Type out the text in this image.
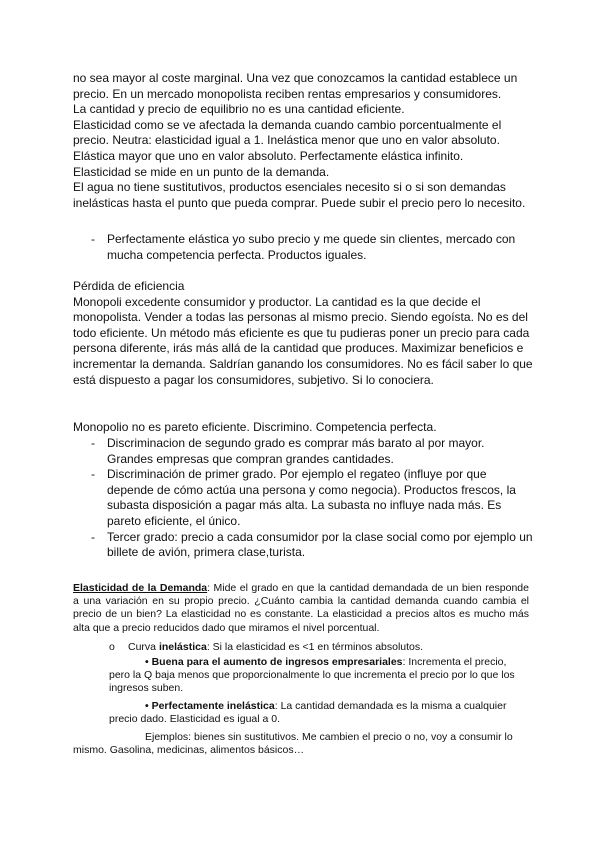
no sea mayor al coste marginal. Una vez que conozcamos la cantidad establece un precio. En un mercado monopolista reciben rentas empresarios y consumidores.
La cantidad y precio de equilibrio no es una cantidad eficiente.
Elasticidad como se ve afectada la demanda cuando cambio porcentualmente el precio. Neutra: elasticidad igual a 1. Inelástica menor que uno en valor absoluto. Elástica mayor que uno en valor absoluto. Perfectamente elástica infinito.
Elasticidad se mide en un punto de la demanda.
El agua no tiene sustitutivos, productos esenciales necesito si o si son demandas inelásticas hasta el punto que pueda comprar. Puede subir el precio pero lo necesito.
- Perfectamente elástica yo subo precio y me quede sin clientes, mercado con mucha competencia perfecta. Productos iguales.
Pérdida de eficiencia
Monopoli excedente consumidor y productor. La cantidad es la que decide el monopolista. Vender a todas las personas al mismo precio. Siendo egoísta. No es del todo eficiente. Un método más eficiente es que tu pudieras poner un precio para cada persona diferente, irás más allá de la cantidad que produces. Maximizar beneficios e incrementar la demanda. Saldrían ganando los consumidores. No es fácil saber lo que está dispuesto a pagar los consumidores, subjetivo. Si lo conociera.
Monopolio no es pareto eficiente. Discrimino. Competencia perfecta.
- Discriminacion de segundo grado es comprar más barato al por mayor. Grandes empresas que compran grandes cantidades.
- Discriminación de primer grado. Por ejemplo el regateo (influye por que depende de cómo actúa una persona y como negocia). Productos frescos, la subasta disposición a pagar más alta. La subasta no influye nada más. Es pareto eficiente, el único.
- Tercer grado: precio a cada consumidor por la clase social como por ejemplo un billete de avión, primera clase,turista.
Elasticidad de la Demanda: Mide el grado en que la cantidad demandada de un bien responde a una variación en su propio precio. ¿Cuánto cambia la cantidad demanda cuando cambia el precio de un bien? La elasticidad no es constante. La elasticidad a precios altos es mucho más alta que a precio reducidos dado que miramos el nivel porcentual.
o Curva inelástica: Si la elasticidad es <1 en términos absolutos.
• Buena para el aumento de ingresos empresariales: Incrementa el precio, pero la Q baja menos que proporcionalmente lo que incrementa el precio por lo que los ingresos suben.
• Perfectamente inelástica: La cantidad demandada es la misma a cualquier precio dado. Elasticidad es igual a 0.
Ejemplos: bienes sin sustitutivos. Me cambien el precio o no, voy a consumir lo mismo. Gasolina, medicinas, alimentos básicos…
